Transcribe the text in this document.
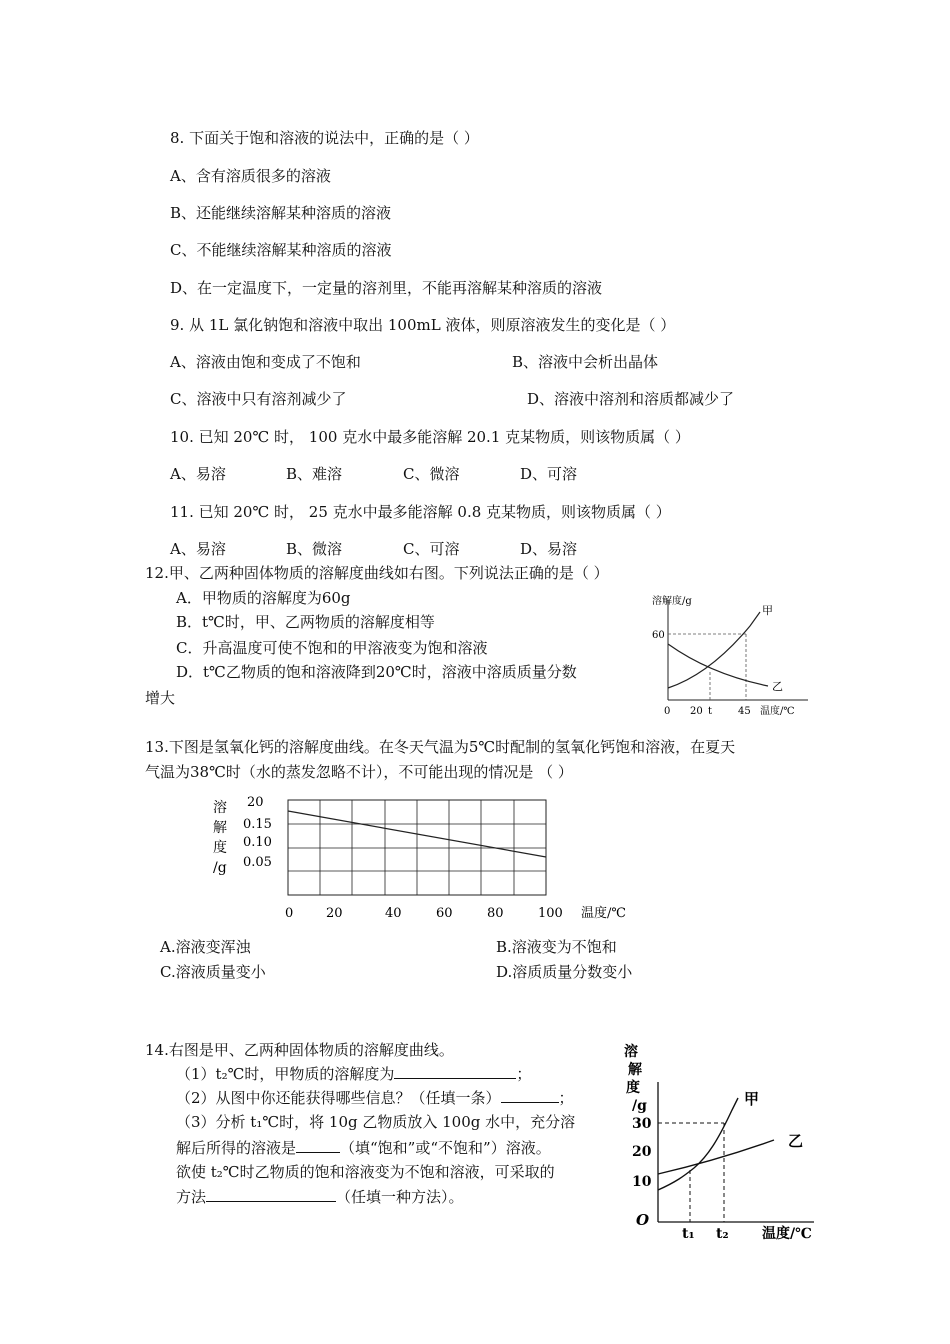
8. 下面关于饱和溶液的说法中，正确的是（ ）
A、含有溶质很多的溶液
B、还能继续溶解某种溶质的溶液
C、不能继续溶解某种溶质的溶液
D、在一定温度下，一定量的溶剂里，不能再溶解某种溶质的溶液
9. 从 1L 氯化钠饱和溶液中取出 100mL 液体，则原溶液发生的变化是（ ）
A、溶液由饱和变成了不饱和	B、溶液中会析出晶体
C、溶液中只有溶剂减少了	D、溶液中溶剂和溶质都减少了
10. 已知 20℃ 时， 100 克水中最多能溶解 20.1 克某物质，则该物质属（ ）
A、易溶	B、难溶	C、微溶	D、可溶
11. 已知 20℃ 时， 25 克水中最多能溶解 0.8 克某物质，则该物质属（ ）
A、易溶	B、微溶	C、可溶	D、易溶
12.甲、乙两种固体物质的溶解度曲线如右图。下列说法正确的是（ ）
A．甲物质的溶解度为60g
B．t℃时，甲、乙两物质的溶解度相等
C．升高温度可使不饱和的甲溶液变为饱和溶液
D．t℃乙物质的饱和溶液降到20℃时，溶液中溶质质量分数
增大
溶解度/g
60
0 20 t	45 温度/℃
甲
乙
13.下图是氢氧化钙的溶解度曲线。在冬天气温为5℃时配制的氢氧化钙饱和溶液，在夏天
气温为38℃时（水的蒸发忽略不计），不可能出现的情况是 （ ）
溶
解
度
/g
20
0.15
0.10
0.05
0	20	40	60	80	100 温度/℃
A.溶液变浑浊	B.溶液变为不饱和
C.溶液质量变小	D.溶质质量分数变小
14.右图是甲、乙两种固体物质的溶解度曲线。
（1）t₂℃时，甲物质的溶解度为	；
（2）从图中你还能获得哪些信息？（任填一条）	；
（3）分析 t₁℃时，将 10g 乙物质放入 100g 水中，充分溶
解后所得的溶液是	（填“饱和”或“不饱和”）溶液。
欲使 t₂℃时乙物质的饱和溶液变为不饱和溶液，可采取的
方法	（任填一种方法）。
溶
解
度
/g
30
20
10
O
t₁ t₂ 温度/℃
甲
乙
